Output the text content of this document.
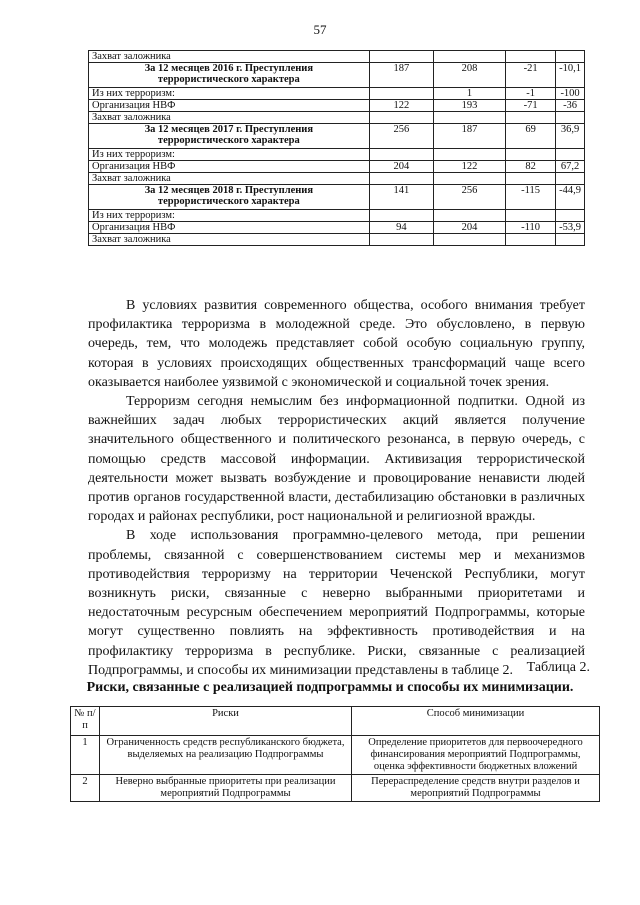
57
Захват заложника				
За 12 месяцев 2016 г. Преступления террористического характера	187	208	-21	-10,1
Из них терроризм:		1	-1	-100
Организация НВФ	122	193	-71	-36
Захват заложника				
За 12 месяцев 2017 г. Преступления террористического характера	256	187	69	36,9
Из них терроризм:				
Организация НВФ	204	122	82	67,2
Захват заложника				
За 12 месяцев 2018 г. Преступления террористического характера	141	256	-115	-44,9
Из них терроризм:				
Организация НВФ	94	204	-110	-53,9
Захват заложника				

В условиях развития современного общества, особого внимания требует профилактика терроризма в молодежной среде. Это обусловлено, в первую очередь, тем, что молодежь представляет собой особую социальную группу, которая в условиях происходящих общественных трансформаций чаще всего оказывается наиболее уязвимой с экономической и социальной точек зрения.

Терроризм сегодня немыслим без информационной подпитки. Одной из важнейших задач любых террористических акций является получение значительного общественного и политического резонанса, в первую очередь, с помощью средств массовой информации. Активизация террористической деятельности может вызвать возбуждение и провоцирование ненависти людей против органов государственной власти, дестабилизацию обстановки в различных городах и районах республики, рост национальной и религиозной вражды.

В ходе использования программно-целевого метода, при решении проблемы, связанной с совершенствованием системы мер и механизмов противодействия терроризму на территории Чеченской Республики, могут возникнуть риски, связанные с неверно выбранными приоритетами и недостаточным ресурсным обеспечением мероприятий Подпрограммы, которые могут существенно повлиять на эффективность противодействия и на профилактику терроризма в республике. Риски, связанные с реализацией Подпрограммы, и способы их минимизации представлены в таблице 2. Таблица 2.
Риски, связанные с реализацией подпрограммы и способы их минимизации.
№ п/п	Риски	Способ минимизации
1	Ограниченность средств республиканского бюджета, выделяемых на реализацию Подпрограммы	Определение приоритетов для первоочередного финансирования мероприятий Подпрограммы, оценка эффективности бюджетных вложений
2	Неверно выбранные приоритеты при реализации мероприятий Подпрограммы	Перераспределение средств внутри разделов и мероприятий Подпрограммы
